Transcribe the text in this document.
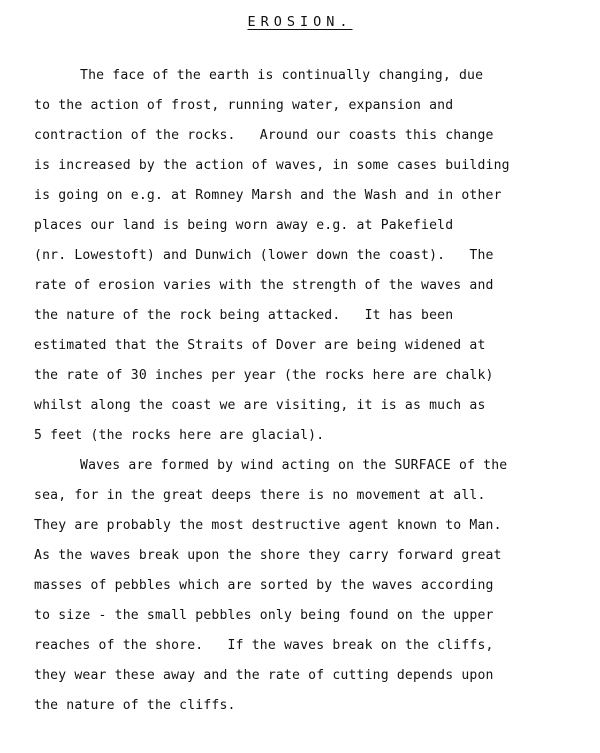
EROSION.
The face of the earth is continually changing, due
to the action of frost, running water, expansion and
contraction of the rocks.   Around our coasts this change
is increased by the action of waves, in some cases building
is going on e.g. at Romney Marsh and the Wash and in other
places our land is being worn away e.g. at Pakefield
(nr. Lowestoft) and Dunwich (lower down the coast).   The
rate of erosion varies with the strength of the waves and
the nature of the rock being attacked.   It has been
estimated that the Straits of Dover are being widened at
the rate of 30 inches per year (the rocks here are chalk)
whilst along the coast we are visiting, it is as much as
5 feet (the rocks here are glacial).
Waves are formed by wind acting on the SURFACE of the
sea, for in the great deeps there is no movement at all.
They are probably the most destructive agent known to Man.
As the waves break upon the shore they carry forward great
masses of pebbles which are sorted by the waves according
to size - the small pebbles only being found on the upper
reaches of the shore.   If the waves break on the cliffs,
they wear these away and the rate of cutting depends upon
the nature of the cliffs.
